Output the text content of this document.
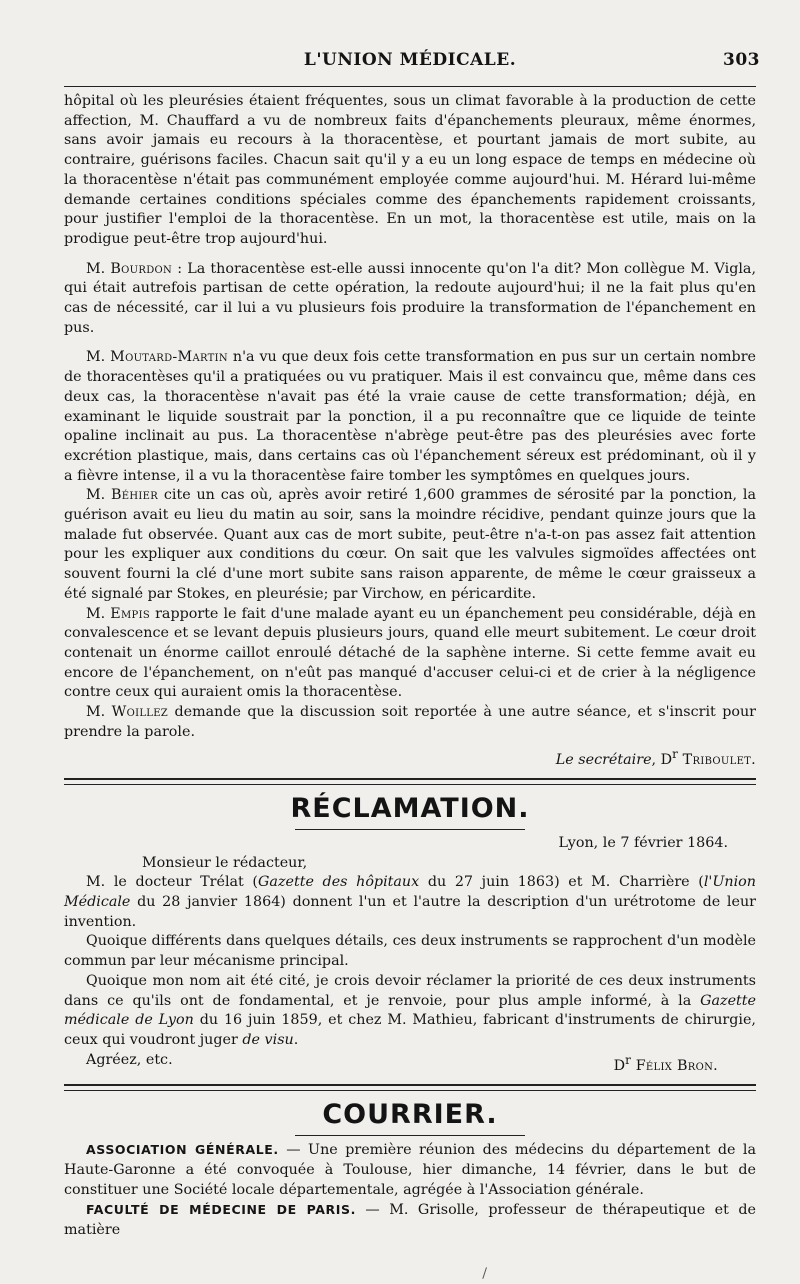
L'UNION MÉDICALE.	303

hôpital où les pleurésies étaient fréquentes, sous un climat favorable à la production de cette affection, M. Chauffard a vu de nombreux faits d'épanchements pleuraux, même énormes, sans avoir jamais eu recours à la thoracentèse, et pourtant jamais de mort subite, au contraire, guérisons faciles. Chacun sait qu'il y a eu un long espace de temps en médecine où la thoracentèse n'était pas communément employée comme aujourd'hui. M. Hérard lui-même demande certaines conditions spéciales comme des épanchements rapidement croissants, pour justifier l'emploi de la thoracentèse. En un mot, la thoracentèse est utile, mais on la prodigue peut-être trop aujourd'hui.

M. Bourdon : La thoracentèse est-elle aussi innocente qu'on l'a dit? Mon collègue M. Vigla, qui était autrefois partisan de cette opération, la redoute aujourd'hui; il ne la fait plus qu'en cas de nécessité, car il lui a vu plusieurs fois produire la transformation de l'épanchement en pus.

M. Moutard-Martin n'a vu que deux fois cette transformation en pus sur un certain nombre de thoracentèses qu'il a pratiquées ou vu pratiquer. Mais il est convaincu que, même dans ces deux cas, la thoracentèse n'avait pas été la vraie cause de cette transformation; déjà, en examinant le liquide soustrait par la ponction, il a pu reconnaître que ce liquide de teinte opaline inclinait au pus. La thoracentèse n'abrège peut-être pas des pleurésies avec forte excrétion plastique, mais, dans certains cas où l'épanchement séreux est prédominant, où il y a fièvre intense, il a vu la thoracentèse faire tomber les symptômes en quelques jours.

M. Béhier cite un cas où, après avoir retiré 1,600 grammes de sérosité par la ponction, la guérison avait eu lieu du matin au soir, sans la moindre récidive, pendant quinze jours que la malade fut observée. Quant aux cas de mort subite, peut-être n'a-t-on pas assez fait attention pour les expliquer aux conditions du cœur. On sait que les valvules sigmoïdes affectées ont souvent fourni la clé d'une mort subite sans raison apparente, de même le cœur graisseux a été signalé par Stokes, en pleurésie; par Virchow, en péricardite.

M. Empis rapporte le fait d'une malade ayant eu un épanchement peu considérable, déjà en convalescence et se levant depuis plusieurs jours, quand elle meurt subitement. Le cœur droit contenait un énorme caillot enroulé détaché de la saphène interne. Si cette femme avait eu encore de l'épanchement, on n'eût pas manqué d'accuser celui-ci et de crier à la négligence contre ceux qui auraient omis la thoracentèse.

M. Woillez demande que la discussion soit reportée à une autre séance, et s'inscrit pour prendre la parole.

Le secrétaire, $D^r$ Triboulet.

RÉCLAMATION.

Lyon, le 7 février 1864.

Monsieur le rédacteur,

M. le docteur Trélat (Gazette des hôpitaux du 27 juin 1863) et M. Charrière (l'Union Médicale du 28 janvier 1864) donnent l'un et l'autre la description d'un urétrotome de leur invention.

Quoique différents dans quelques détails, ces deux instruments se rapprochent d'un modèle commun par leur mécanisme principal.

Quoique mon nom ait été cité, je crois devoir réclamer la priorité de ces deux instruments dans ce qu'ils ont de fondamental, et je renvoie, pour plus ample informé, à la Gazette médicale de Lyon du 16 juin 1859, et chez M. Mathieu, fabricant d'instruments de chirurgie, ceux qui voudront juger de visu.

Agréez, etc.	$D^r$ Félix Bron.
COURRIER.

ASSOCIATION GÉNÉRALE. — Une première réunion des médecins du département de la Haute-Garonne a été convoquée à Toulouse, hier dimanche, 14 février, dans le but de constituer une Société locale départementale, agrégée à l'Association générale.

FACULTÉ DE MÉDECINE DE PARIS. — M. Grisolle, professeur de thérapeutique et de matière
